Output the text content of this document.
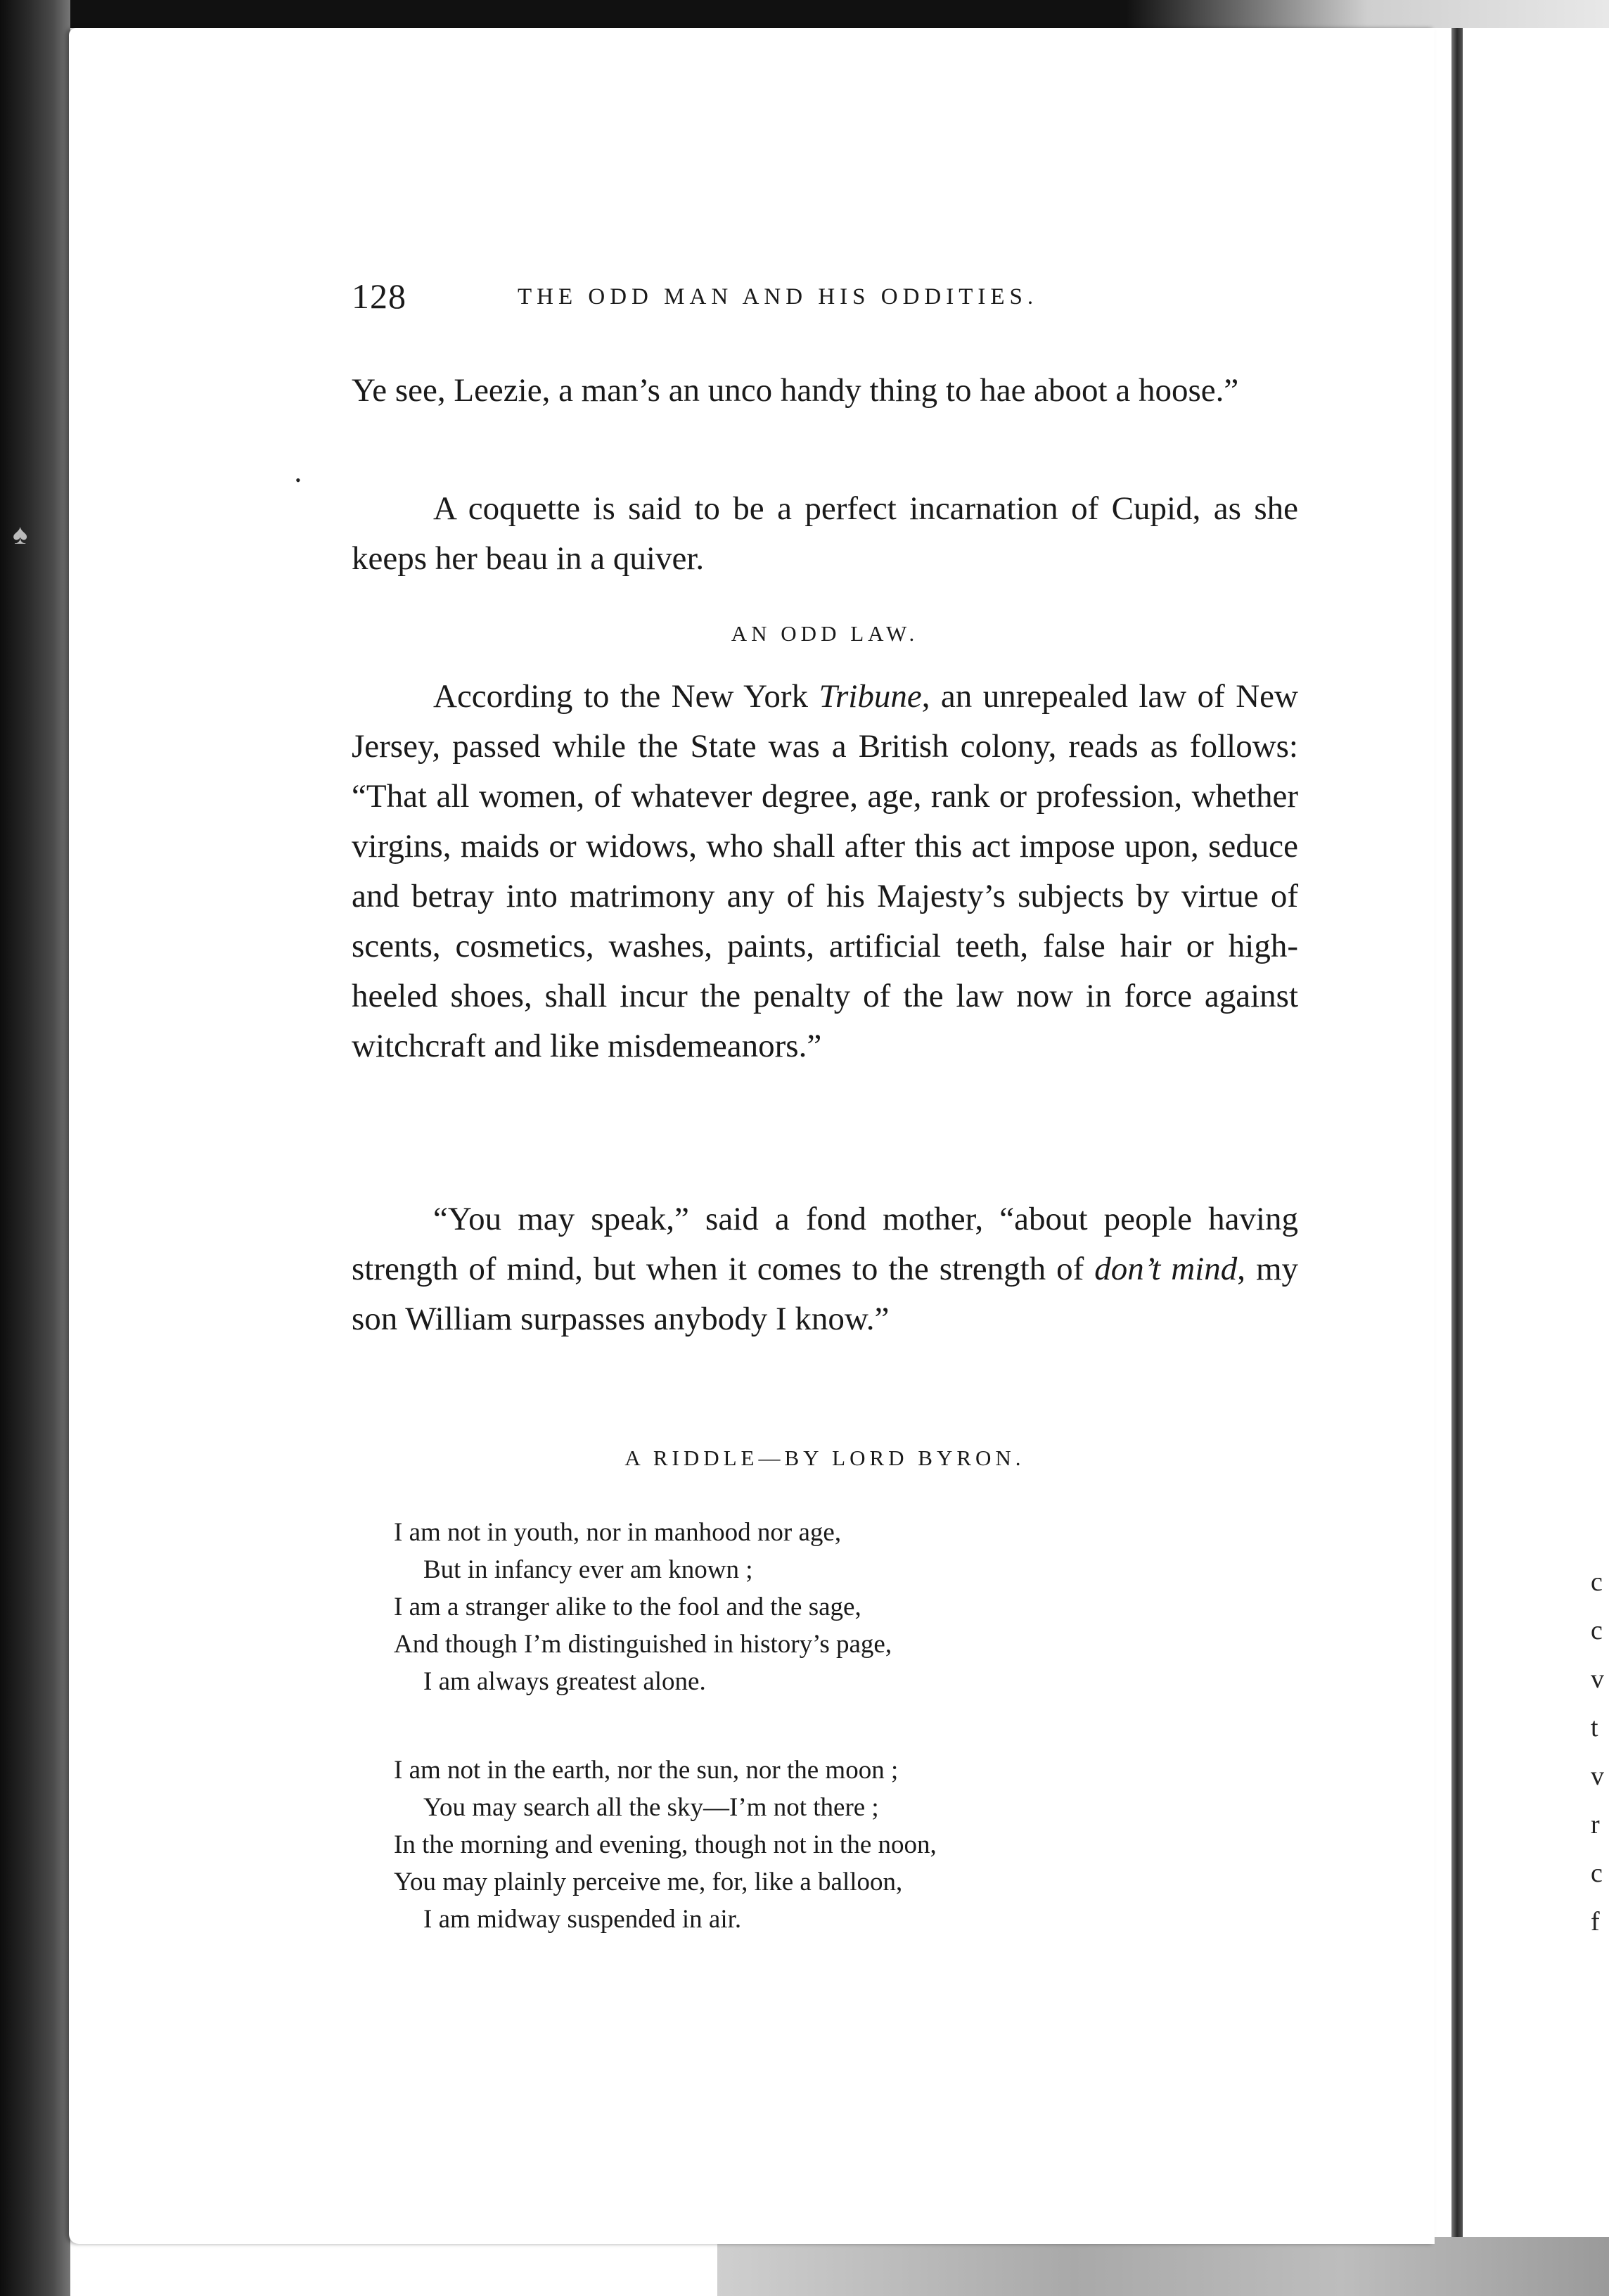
♠
•
128	THE ODD MAN AND HIS ODDITIES.

Ye see, Leezie, a man’s an unco handy thing to hae aboot a hoose.”

A coquette is said to be a perfect incarnation of Cupid, as she keeps her beau in a quiver.

AN ODD LAW.

According to the New York Tribune, an unrepealed law of New Jersey, passed while the State was a British colony, reads as follows: “That all women, of whatever degree, age, rank or profession, whether virgins, maids or widows, who shall after this act impose upon, seduce and betray into matrimony any of his Majesty’s subjects by virtue of scents, cosmetics, washes, paints, artificial teeth, false hair or high-heeled shoes, shall incur the penalty of the law now in force against witchcraft and like misdemeanors.”

“You may speak,” said a fond mother, “about people having strength of mind, but when it comes to the strength of don’t mind, my son William surpasses anybody I know.”

A RIDDLE—BY LORD BYRON.
I am not in youth, nor in manhood nor age,
But in infancy ever am known ;
I am a stranger alike to the fool and the sage,
And though I’m distinguished in history’s page,
I am always greatest alone.
I am not in the earth, nor the sun, nor the moon ;
You may search all the sky—I’m not there ;
In the morning and evening, though not in the noon,
You may plainly perceive me, for, like a balloon,
I am midway suspended in air.
c
c
v
t
v
r
c
f
